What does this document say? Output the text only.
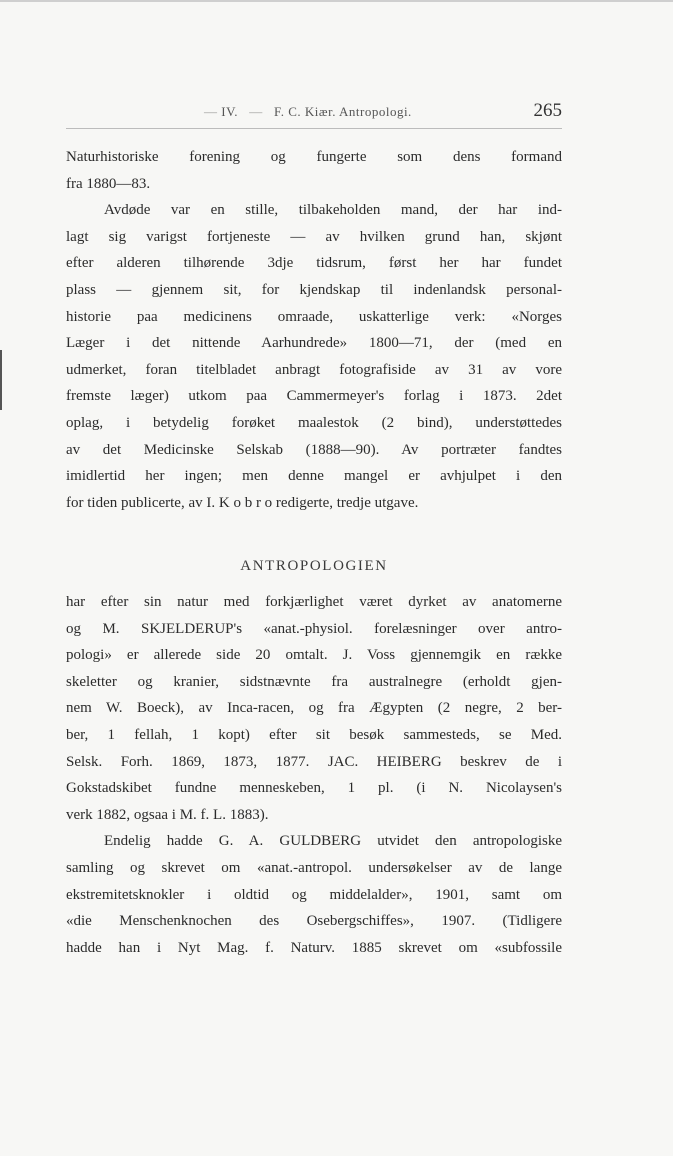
— IV. — F. C. Kiær. Antropologi.	265
Naturhistoriske forening og fungerte som dens formand
fra 1880—83.
Avdøde var en stille, tilbakeholden mand, der har ind-
lagt sig varigst fortjeneste — av hvilken grund han, skjønt
efter alderen tilhørende 3dje tidsrum, først her har fundet
plass — gjennem sit, for kjendskap til indenlandsk personal-
historie paa medicinens omraade, uskatterlige verk: «Norges
Læger i det nittende Aarhundrede» 1800—71, der (med en
udmerket, foran titelbladet anbragt fotografiside av 31 av vore
fremste læger) utkom paa Cammermeyer's forlag i 1873. 2det
oplag, i betydelig forøket maalestok (2 bind), understøttedes
av det Medicinske Selskab (1888—90). Av portræter fandtes
imidlertid her ingen; men denne mangel er avhjulpet i den
for tiden publicerte, av I. K o b r o redigerte, tredje utgave.
ANTROPOLOGIEN
har efter sin natur med forkjærlighet været dyrket av anatomerne
og M. SKJELDERUP's «anat.-physiol. forelæsninger over antro-
pologi» er allerede side 20 omtalt. J. Voss gjennemgik en række
skeletter og kranier, sidstnævnte fra australnegre (erholdt gjen-
nem W. Boeck), av Inca-racen, og fra Ægypten (2 negre, 2 ber-
ber, 1 fellah, 1 kopt) efter sit besøk sammesteds, se Med.
Selsk. Forh. 1869, 1873, 1877. JAC. HEIBERG beskrev de i
Gokstadskibet fundne menneskeben, 1 pl. (i N. Nicolaysen's
verk 1882, ogsaa i M. f. L. 1883).
Endelig hadde G. A. GULDBERG utvidet den antropologiske
samling og skrevet om «anat.-antropol. undersøkelser av de lange
ekstremitetsknokler i oldtid og middelalder», 1901, samt om
«die Menschenknochen des Osebergschiffes», 1907. (Tidligere
hadde han i Nyt Mag. f. Naturv. 1885 skrevet om «subfossile
